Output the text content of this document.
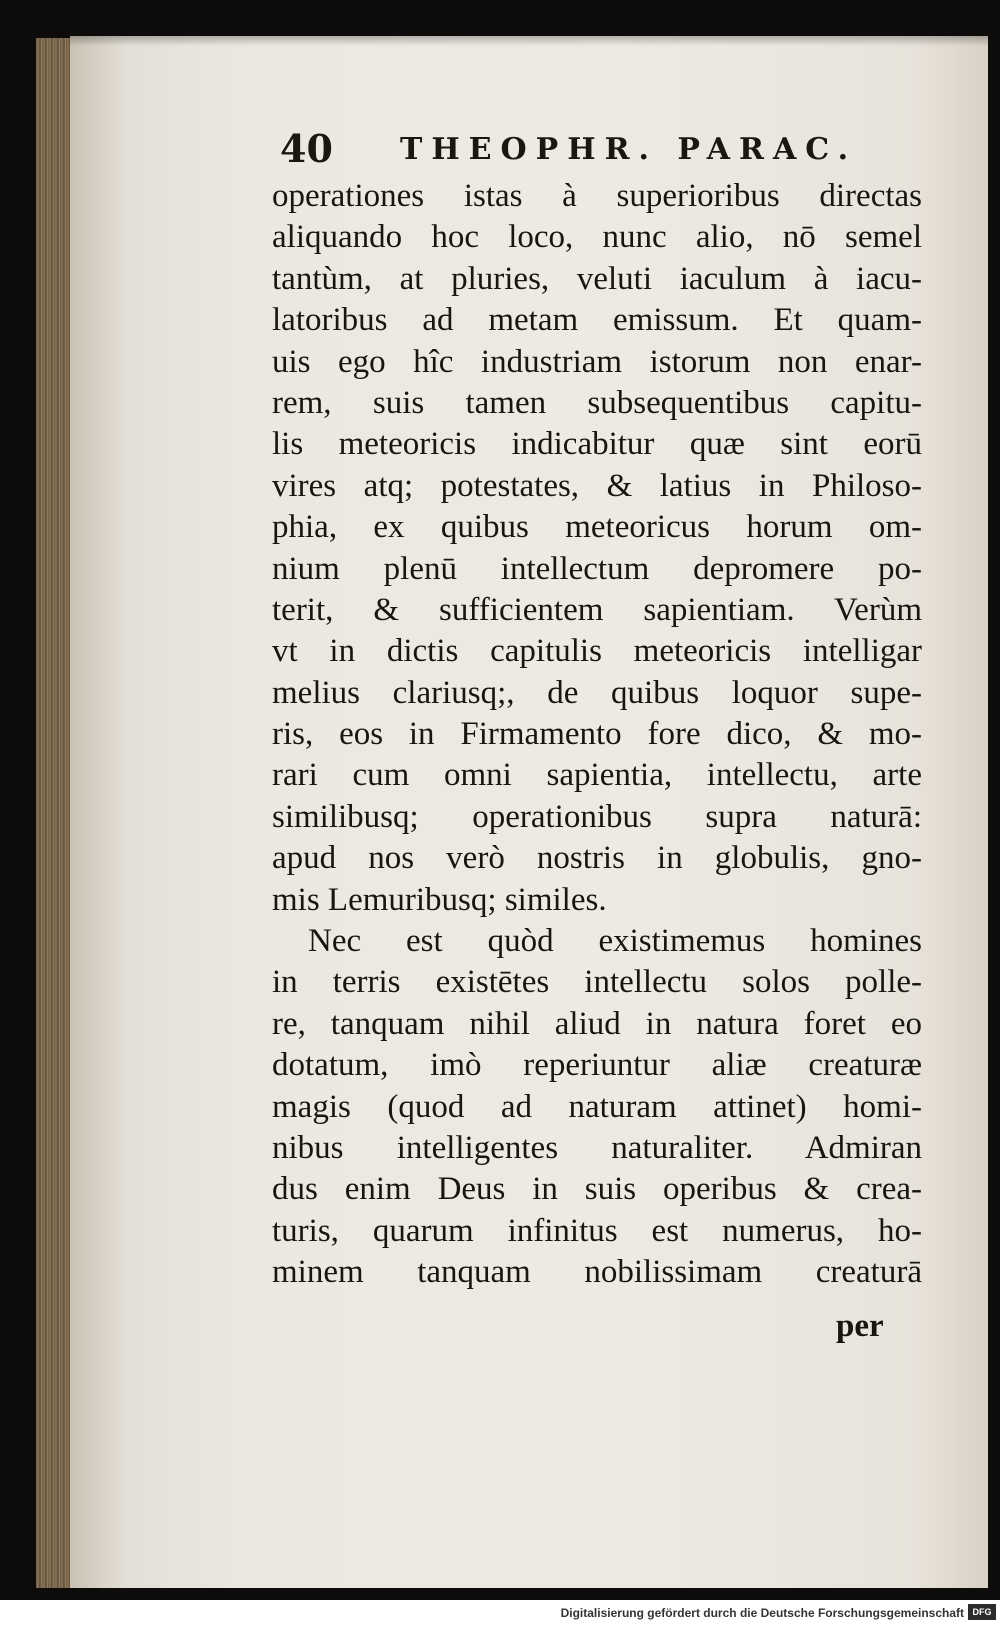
40 THEOPHR. PARAC.
operationes istas à superioribus directas
aliquando hoc loco, nunc alio, nō semel
tantùm, at pluries, veluti iaculum à iacu-
latoribus ad metam emissum. Et quam-
uis ego hîc industriam istorum non enar-
rem, suis tamen subsequentibus capitu-
lis meteoricis indicabitur quæ sint eorū
vires atq; potestates, & latius in Philoso-
phia, ex quibus meteoricus horum om-
nium plenū intellectum depromere po-
terit, & sufficientem sapientiam. Verùm
vt in dictis capitulis meteoricis intelligar
melius clariusq;, de quibus loquor supe-
ris, eos in Firmamento fore dico, & mo-
rari cum omni sapientia, intellectu, arte
similibusq; operationibus supra naturā:
apud nos verò nostris in globulis, gno-
mis Lemuribusq; similes.
Nec est quòd existimemus homines
in terris existētes intellectu solos polle-
re, tanquam nihil aliud in natura foret eo
dotatum, imò reperiuntur aliæ creaturæ
magis (quod ad naturam attinet) homi-
nibus intelligentes naturaliter. Admiran
dus enim Deus in suis operibus & crea-
turis, quarum infinitus est numerus, ho-
minem tanquam nobilissimam creaturā
per
Digitalisierung gefördert durch die Deutsche Forschungsgemeinschaft DFG
